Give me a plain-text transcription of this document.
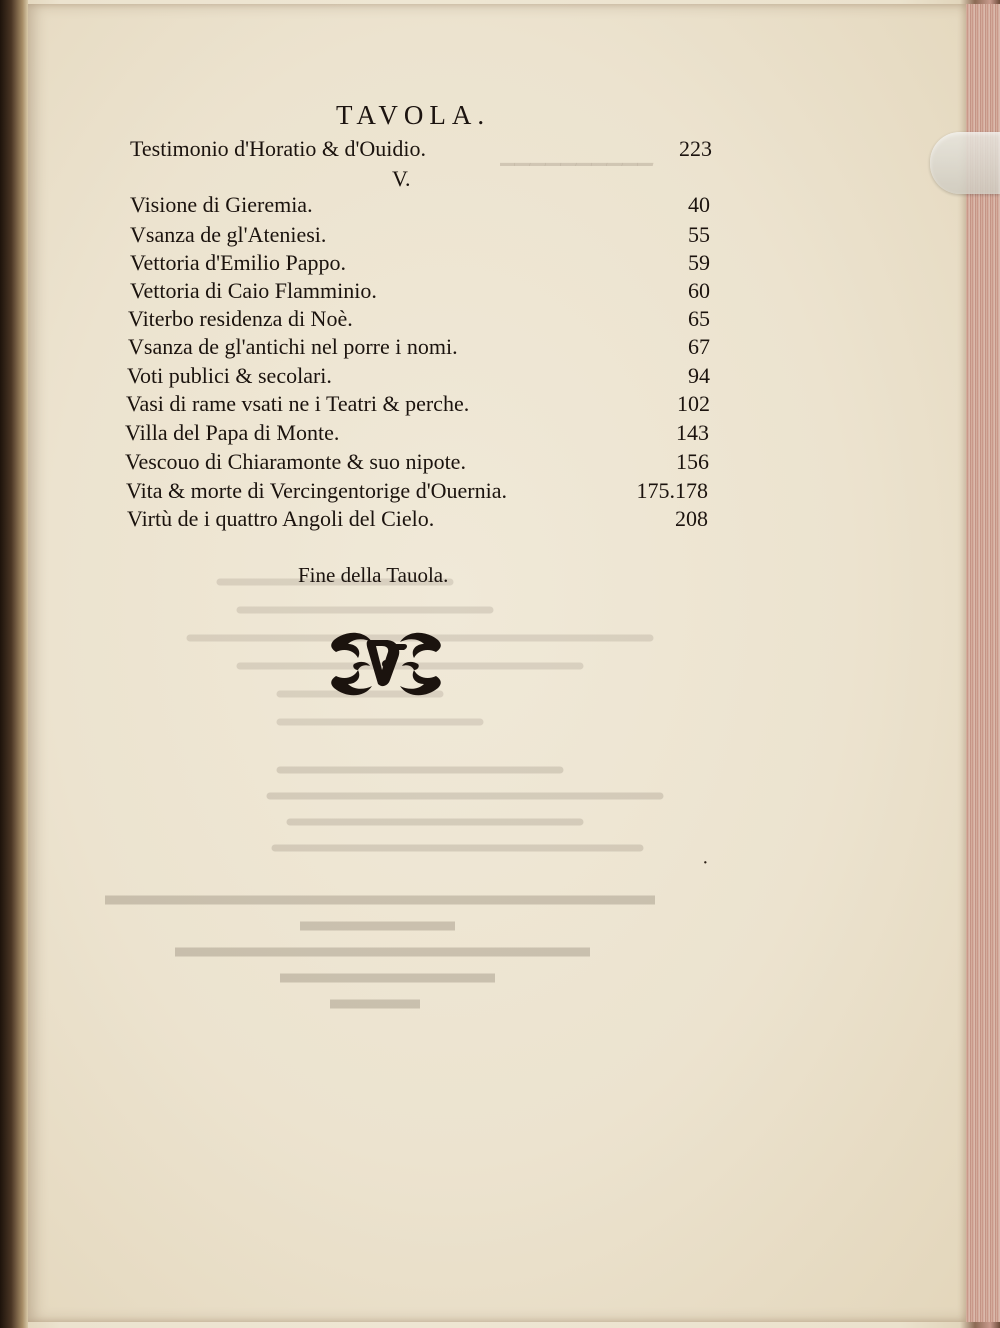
TAVOLA.
Testimonio d'Horatio & d'Ouidio.	223
V.
Visione di Gieremia.	40
Vsanza de gl'Ateniesi.	55
Vettoria d'Emilio Pappo.	59
Vettoria di Caio Flamminio.	60
Viterbo residenza di Noè.	65
Vsanza de gl'antichi nel porre i nomi.	67
Voti publici & secolari.	94
Vasi di rame vsati ne i Teatri & perche.	102
Villa del Papa di Monte.	143
Vescouo di Chiaramonte & suo nipote.	156
Vita & morte di Vercingentorige d'Ouernia.	175.178
Virtù de i quattro Angoli del Cielo.	208
Fine della Tauola.
·
